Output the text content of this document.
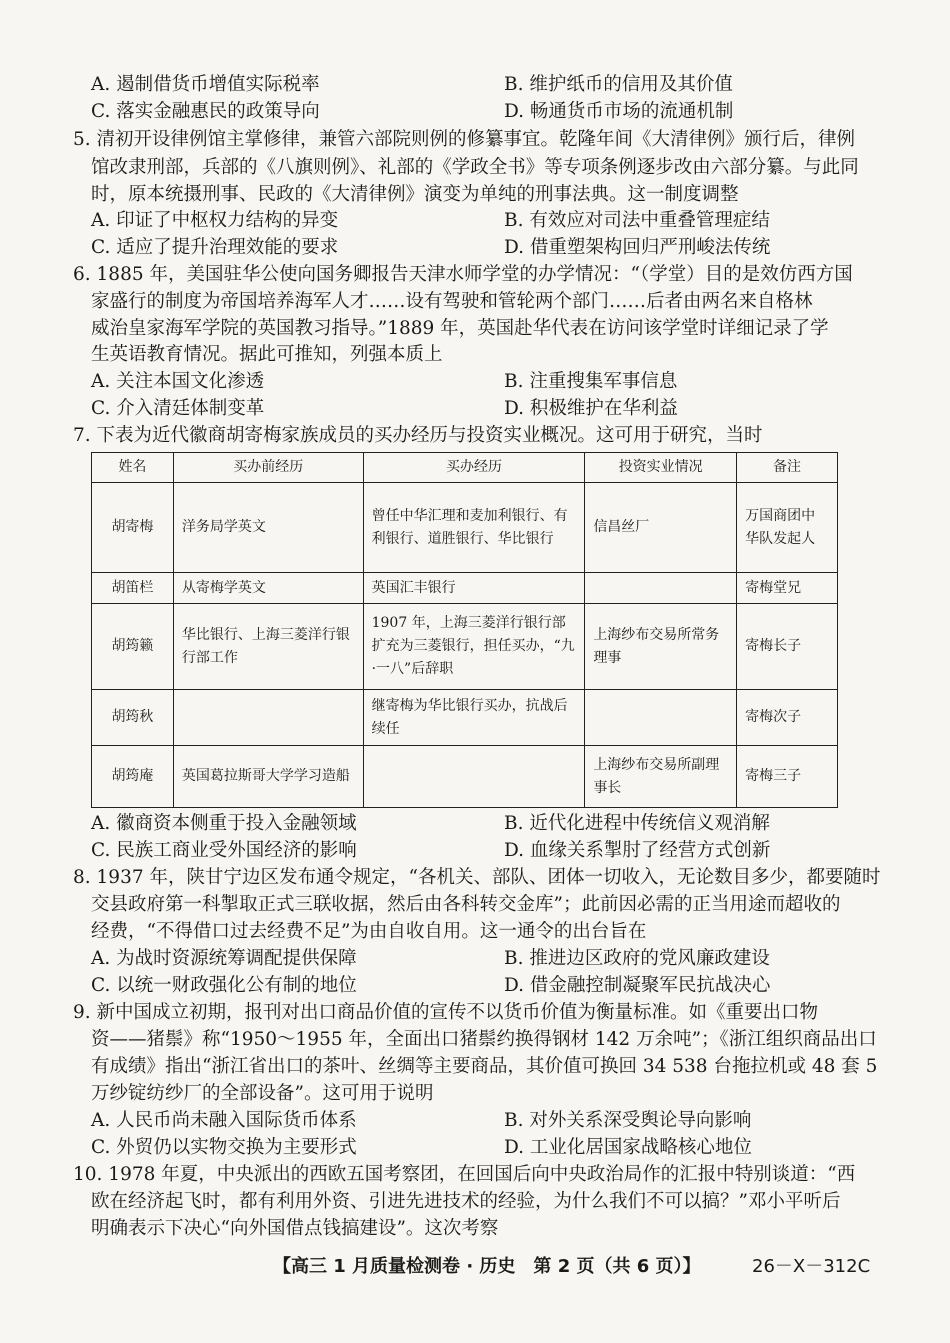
A. 遏制借货币增值实际税率	B. 维护纸币的信用及其价值
C. 落实金融惠民的政策导向	D. 畅通货币市场的流通机制
5. 清初开设律例馆主掌修律，兼管六部院则例的修纂事宜。乾隆年间《大清律例》颁行后，律例
馆改隶刑部，兵部的《八旗则例》、礼部的《学政全书》等专项条例逐步改由六部分纂。与此同
时，原本统摄刑事、民政的《大清律例》演变为单纯的刑事法典。这一制度调整
A. 印证了中枢权力结构的异变	B. 有效应对司法中重叠管理症结
C. 适应了提升治理效能的要求	D. 借重塑架构回归严刑峻法传统
6. 1885 年，美国驻华公使向国务卿报告天津水师学堂的办学情况：“（学堂）目的是效仿西方国
家盛行的制度为帝国培养海军人才……设有驾驶和管轮两个部门……后者由两名来自格林
威治皇家海军学院的英国教习指导。”1889 年，英国赴华代表在访问该学堂时详细记录了学
生英语教育情况。据此可推知，列强本质上
A. 关注本国文化渗透	B. 注重搜集军事信息
C. 介入清廷体制变革	D. 积极维护在华利益
7. 下表为近代徽商胡寄梅家族成员的买办经历与投资实业概况。这可用于研究，当时
姓名	买办前经历	买办经历	投资实业情况	备注
胡寄梅	洋务局学英文	曾任中华汇理和麦加利银行、有利银行、道胜银行、华比银行	信昌丝厂	万国商团中华队发起人
胡笛栏	从寄梅学英文	英国汇丰银行		寄梅堂兄
胡筠籁	华比银行、上海三菱洋行银行部工作	1907 年，上海三菱洋行银行部扩充为三菱银行，担任买办，“九·一八”后辞职	上海纱布交易所常务理事	寄梅长子
胡筠秋		继寄梅为华比银行买办，抗战后续任		寄梅次子
胡筠庵	英国葛拉斯哥大学学习造船		上海纱布交易所副理事长	寄梅三子
A. 徽商资本侧重于投入金融领域	B. 近代化进程中传统信义观消解
C. 民族工商业受外国经济的影响	D. 血缘关系掣肘了经营方式创新
8. 1937 年，陕甘宁边区发布通令规定，“各机关、部队、团体一切收入，无论数目多少，都要随时
交县政府第一科掣取正式三联收据，然后由各科转交金库”；此前因必需的正当用途而超收的
经费，“不得借口过去经费不足”为由自收自用。这一通令的出台旨在
A. 为战时资源统筹调配提供保障	B. 推进边区政府的党风廉政建设
C. 以统一财政强化公有制的地位	D. 借金融控制凝聚军民抗战决心
9. 新中国成立初期，报刊对出口商品价值的宣传不以货币价值为衡量标准。如《重要出口物
资——猪鬃》称“1950～1955 年，全面出口猪鬃约换得钢材 142 万余吨”；《浙江组织商品出口
有成绩》指出“浙江省出口的茶叶、丝绸等主要商品，其价值可换回 34 538 台拖拉机或 48 套 5
万纱锭纺纱厂的全部设备”。这可用于说明
A. 人民币尚未融入国际货币体系	B. 对外关系深受舆论导向影响
C. 外贸仍以实物交换为主要形式	D. 工业化居国家战略核心地位
10. 1978 年夏，中央派出的西欧五国考察团，在回国后向中央政治局作的汇报中特别谈道：“西
欧在经济起飞时，都有利用外资、引进先进技术的经验，为什么我们不可以搞？”邓小平听后
明确表示下决心“向外国借点钱搞建设”。这次考察
【高三 1 月质量检测卷 · 历史　第 2 页（共 6 页）】	26－X－312C
